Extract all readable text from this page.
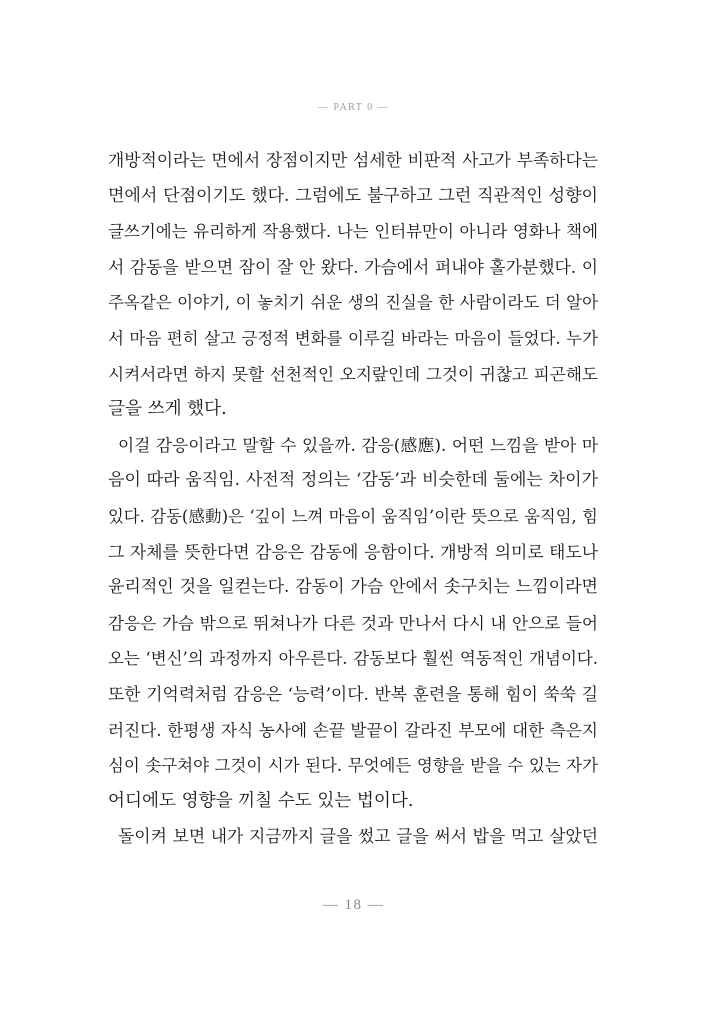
— PART 0 —

개방적이라는 면에서 장점이지만 섬세한 비판적 사고가 부족하다는
면에서 단점이기도 했다. 그럼에도 불구하고 그런 직관적인 성향이
글쓰기에는 유리하게 작용했다. 나는 인터뷰만이 아니라 영화나 책에
서 감동을 받으면 잠이 잘 안 왔다. 가슴에서 퍼내야 홀가분했다. 이
주옥같은 이야기, 이 놓치기 쉬운 생의 진실을 한 사람이라도 더 알아
서 마음 편히 살고 긍정적 변화를 이루길 바라는 마음이 들었다. 누가
시켜서라면 하지 못할 선천적인 오지랖인데 그것이 귀찮고 피곤해도
글을 쓰게 했다.

이걸 감응이라고 말할 수 있을까. 감응(感應). 어떤 느낌을 받아 마
음이 따라 움직임. 사전적 정의는 ‘감동’과 비슷한데 둘에는 차이가
있다. 감동(感動)은 ‘깊이 느껴 마음이 움직임’이란 뜻으로 움직임, 힘
그 자체를 뜻한다면 감응은 감동에 응함이다. 개방적 의미로 태도나
윤리적인 것을 일컫는다. 감동이 가슴 안에서 솟구치는 느낌이라면
감응은 가슴 밖으로 뛰쳐나가 다른 것과 만나서 다시 내 안으로 들어
오는 ‘변신’의 과정까지 아우른다. 감동보다 훨씬 역동적인 개념이다.
또한 기억력처럼 감응은 ‘능력’이다. 반복 훈련을 통해 힘이 쑥쑥 길
러진다. 한평생 자식 농사에 손끝 발끝이 갈라진 부모에 대한 측은지
심이 솟구쳐야 그것이 시가 된다. 무엇에든 영향을 받을 수 있는 자가
어디에도 영향을 끼칠 수도 있는 법이다.

돌이켜 보면 내가 지금까지 글을 썼고 글을 써서 밥을 먹고 살았던

— 18 —
